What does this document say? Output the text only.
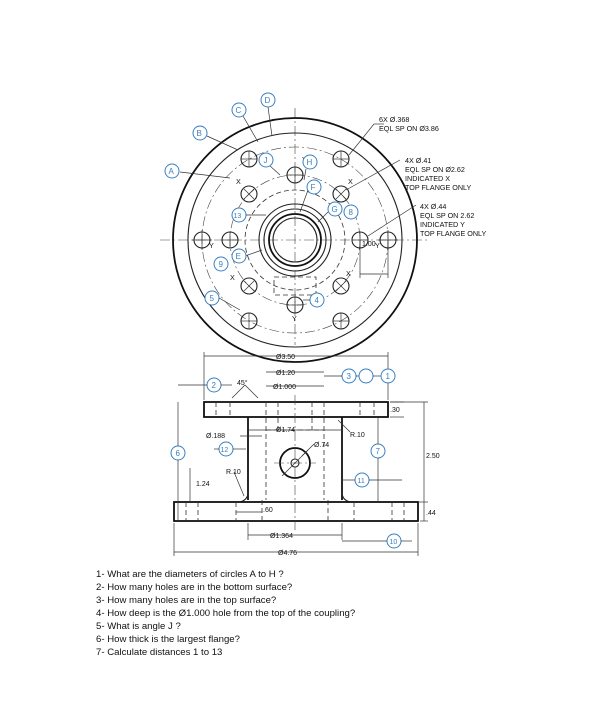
X	X
X	X
Y	Y
Y
1.00
6X Ø.368
EQL SP ON Ø3.86
4X Ø.41
EQL SP ON Ø2.62
INDICATED X
TOP FLANGE ONLY
4X Ø.44
EQL SP ON 2.62
INDICATED Y
TOP FLANGE ONLY
A
B
C
D
E
F
G
H
J
13	8
9
5	4
Ø3.50
Ø1.20
Ø1.000
45°
.30
2.50
.44
Ø1.74
Ø.188	R.10
Ø.74
R.10
1.24
.60
Ø1.364
Ø4.76
2
3	1
6	12	7
11
10
1- What are the diameters of circles A to H ?
2- How many holes are in the bottom surface?
3- How many holes are in the top surface?
4- How deep is the Ø1.000 hole from the top of the coupling?
5- What is angle J ?
6- How thick is the largest flange?
7- Calculate distances 1 to 13
